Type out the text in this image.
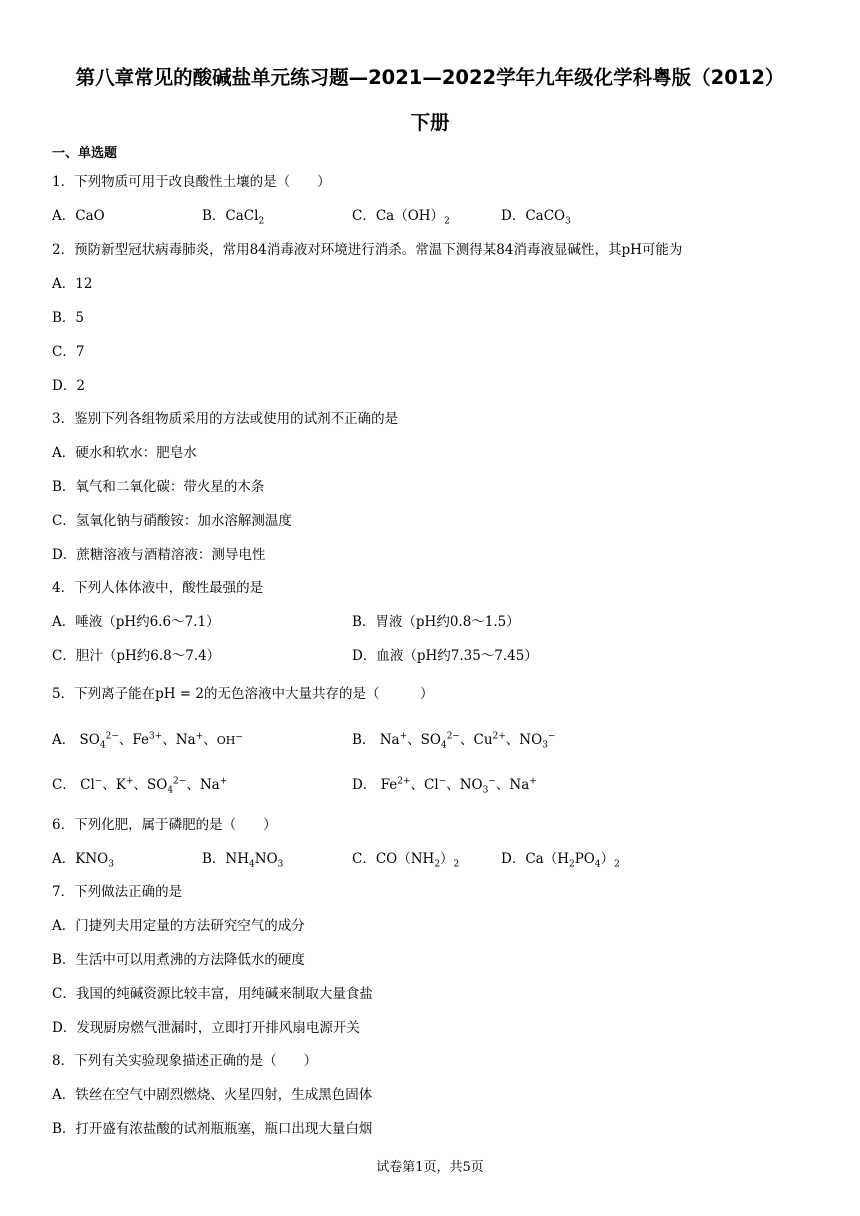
第八章常见的酸碱盐单元练习题—2021—2022学年九年级化学科粤版（2012）
下册
一、单选题
1．下列物质可用于改良酸性土壤的是（　　）
A．CaO	B．CaCl$_2$	C．$Ca(OH)_2$	D．CaCO$_3$
2．预防新型冠状病毒肺炎，常用84消毒液对环境进行消杀。常温下测得某84消毒液显碱性，其pH可能为
A．12
B．5
C．7
D．2
3．鉴别下列各组物质采用的方法或使用的试剂不正确的是
A．硬水和软水：肥皂水
B．氧气和二氧化碳：带火星的木条
C．氢氧化钠与硝酸铵：加水溶解测温度
D．蔗糖溶液与酒精溶液：测导电性
4．下列人体体液中，酸性最强的是
A．唾液（pH约6.6～7.1）	B．胃液（pH约0.8～1.5）
C．胆汁（pH约6.8～7.4）	D．血液（pH约7.35～7.45）
5．下列离子能在pH = 2的无色溶液中大量共存的是（　　　）
A． $SO_4^{2-}$、$Fe^{3+}$、Na+、OH−	B． Na+、$SO_4^{2-}$、$Cu^{2+}$、$NO_3^-$
C． Cl−、K+、$SO_4^{2-}$、Na+	D． $Fe^{2+}$、Cl−、$NO_3^-$、Na+
6．下列化肥，属于磷肥的是（　　）
A．$KNO_3$	B．$NH_4NO_3$	C．$CO(NH_2)_2$	D．$Ca(H_2PO_4)_2$
7．下列做法正确的是
A．门捷列夫用定量的方法研究空气的成分
B．生活中可以用煮沸的方法降低水的硬度
C．我国的纯碱资源比较丰富，用纯碱来制取大量食盐
D．发现厨房燃气泄漏时，立即打开排风扇电源开关
8．下列有关实验现象描述正确的是（　　）
A．铁丝在空气中剧烈燃烧、火星四射，生成黑色固体
B．打开盛有浓盐酸的试剂瓶瓶塞，瓶口出现大量白烟
试卷第1页，共5页
